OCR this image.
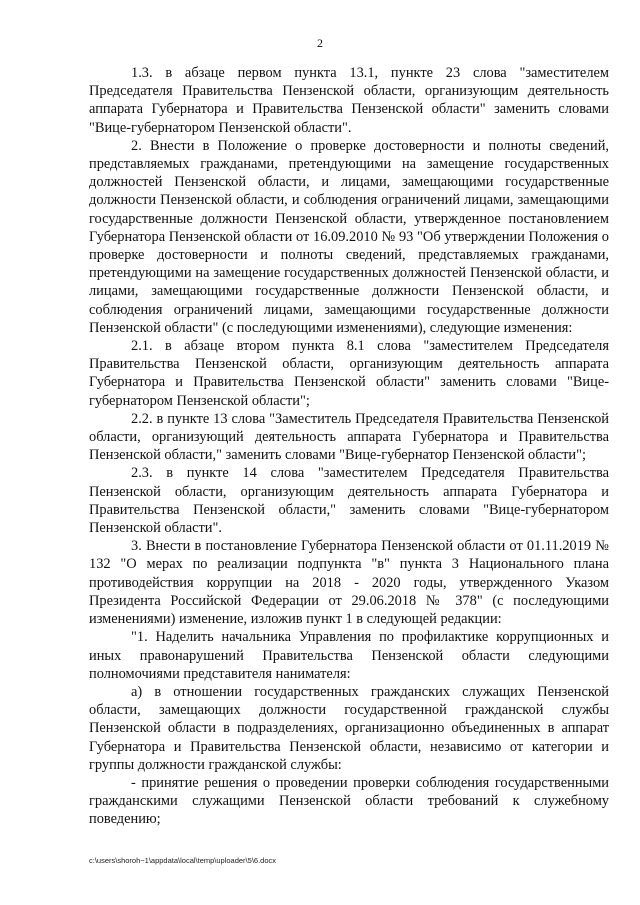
2

1.3. в абзаце первом пункта 13.1, пункте 23 слова "заместителем Председателя Правительства Пензенской области, организующим деятельность аппарата Губернатора и Правительства Пензенской области" заменить словами "Вице-губернатором Пензенской области".

2. Внести в Положение о проверке достоверности и полноты сведений, представляемых гражданами, претендующими на замещение государственных должностей Пензенской области, и лицами, замещающими государственные должности Пензенской области, и соблюдения ограничений лицами, замещающими государственные должности Пензенской области, утвержденное постановлением Губернатора Пензенской области от 16.09.2010 № 93 "Об утверждении Положения о проверке достоверности и полноты сведений, представляемых гражданами, претендующими на замещение государственных должностей Пензенской области, и лицами, замещающими государственные должности Пензенской области, и соблюдения ограничений лицами, замещающими государственные должности Пензенской области" (с последующими изменениями), следующие изменения:

2.1. в абзаце втором пункта 8.1 слова "заместителем Председателя Правительства Пензенской области, организующим деятельность аппарата Губернатора и Правительства Пензенской области" заменить словами "Вице-губернатором Пензенской области";

2.2. в пункте 13 слова "Заместитель Председателя Правительства Пензенской области, организующий деятельность аппарата Губернатора и Правительства Пензенской области," заменить словами "Вице-губернатор Пензенской области";

2.3. в пункте 14 слова "заместителем Председателя Правительства Пензенской области, организующим деятельность аппарата Губернатора и Правительства Пензенской области," заменить словами "Вице-губернатором Пензенской области".

3. Внести в постановление Губернатора Пензенской области от 01.11.2019 № 132 "О мерах по реализации подпункта "в" пункта 3 Национального плана противодействия коррупции на 2018 - 2020 годы, утвержденного Указом Президента Российской Федерации от 29.06.2018 № 378" (с последующими изменениями) изменение, изложив пункт 1 в следующей редакции:

"1. Наделить начальника Управления по профилактике коррупционных и иных правонарушений Правительства Пензенской области следующими полномочиями представителя нанимателя:

а) в отношении государственных гражданских служащих Пензенской области, замещающих должности государственной гражданской службы Пензенской области в подразделениях, организационно объединенных в аппарат Губернатора и Правительства Пензенской области, независимо от категории и группы должности гражданской службы:

- принятие решения о проведении проверки соблюдения государственными гражданскими служащими Пензенской области требований к служебному поведению;

c:\users\shoroh~1\appdata\local\temp\uploader\5\6.docx
